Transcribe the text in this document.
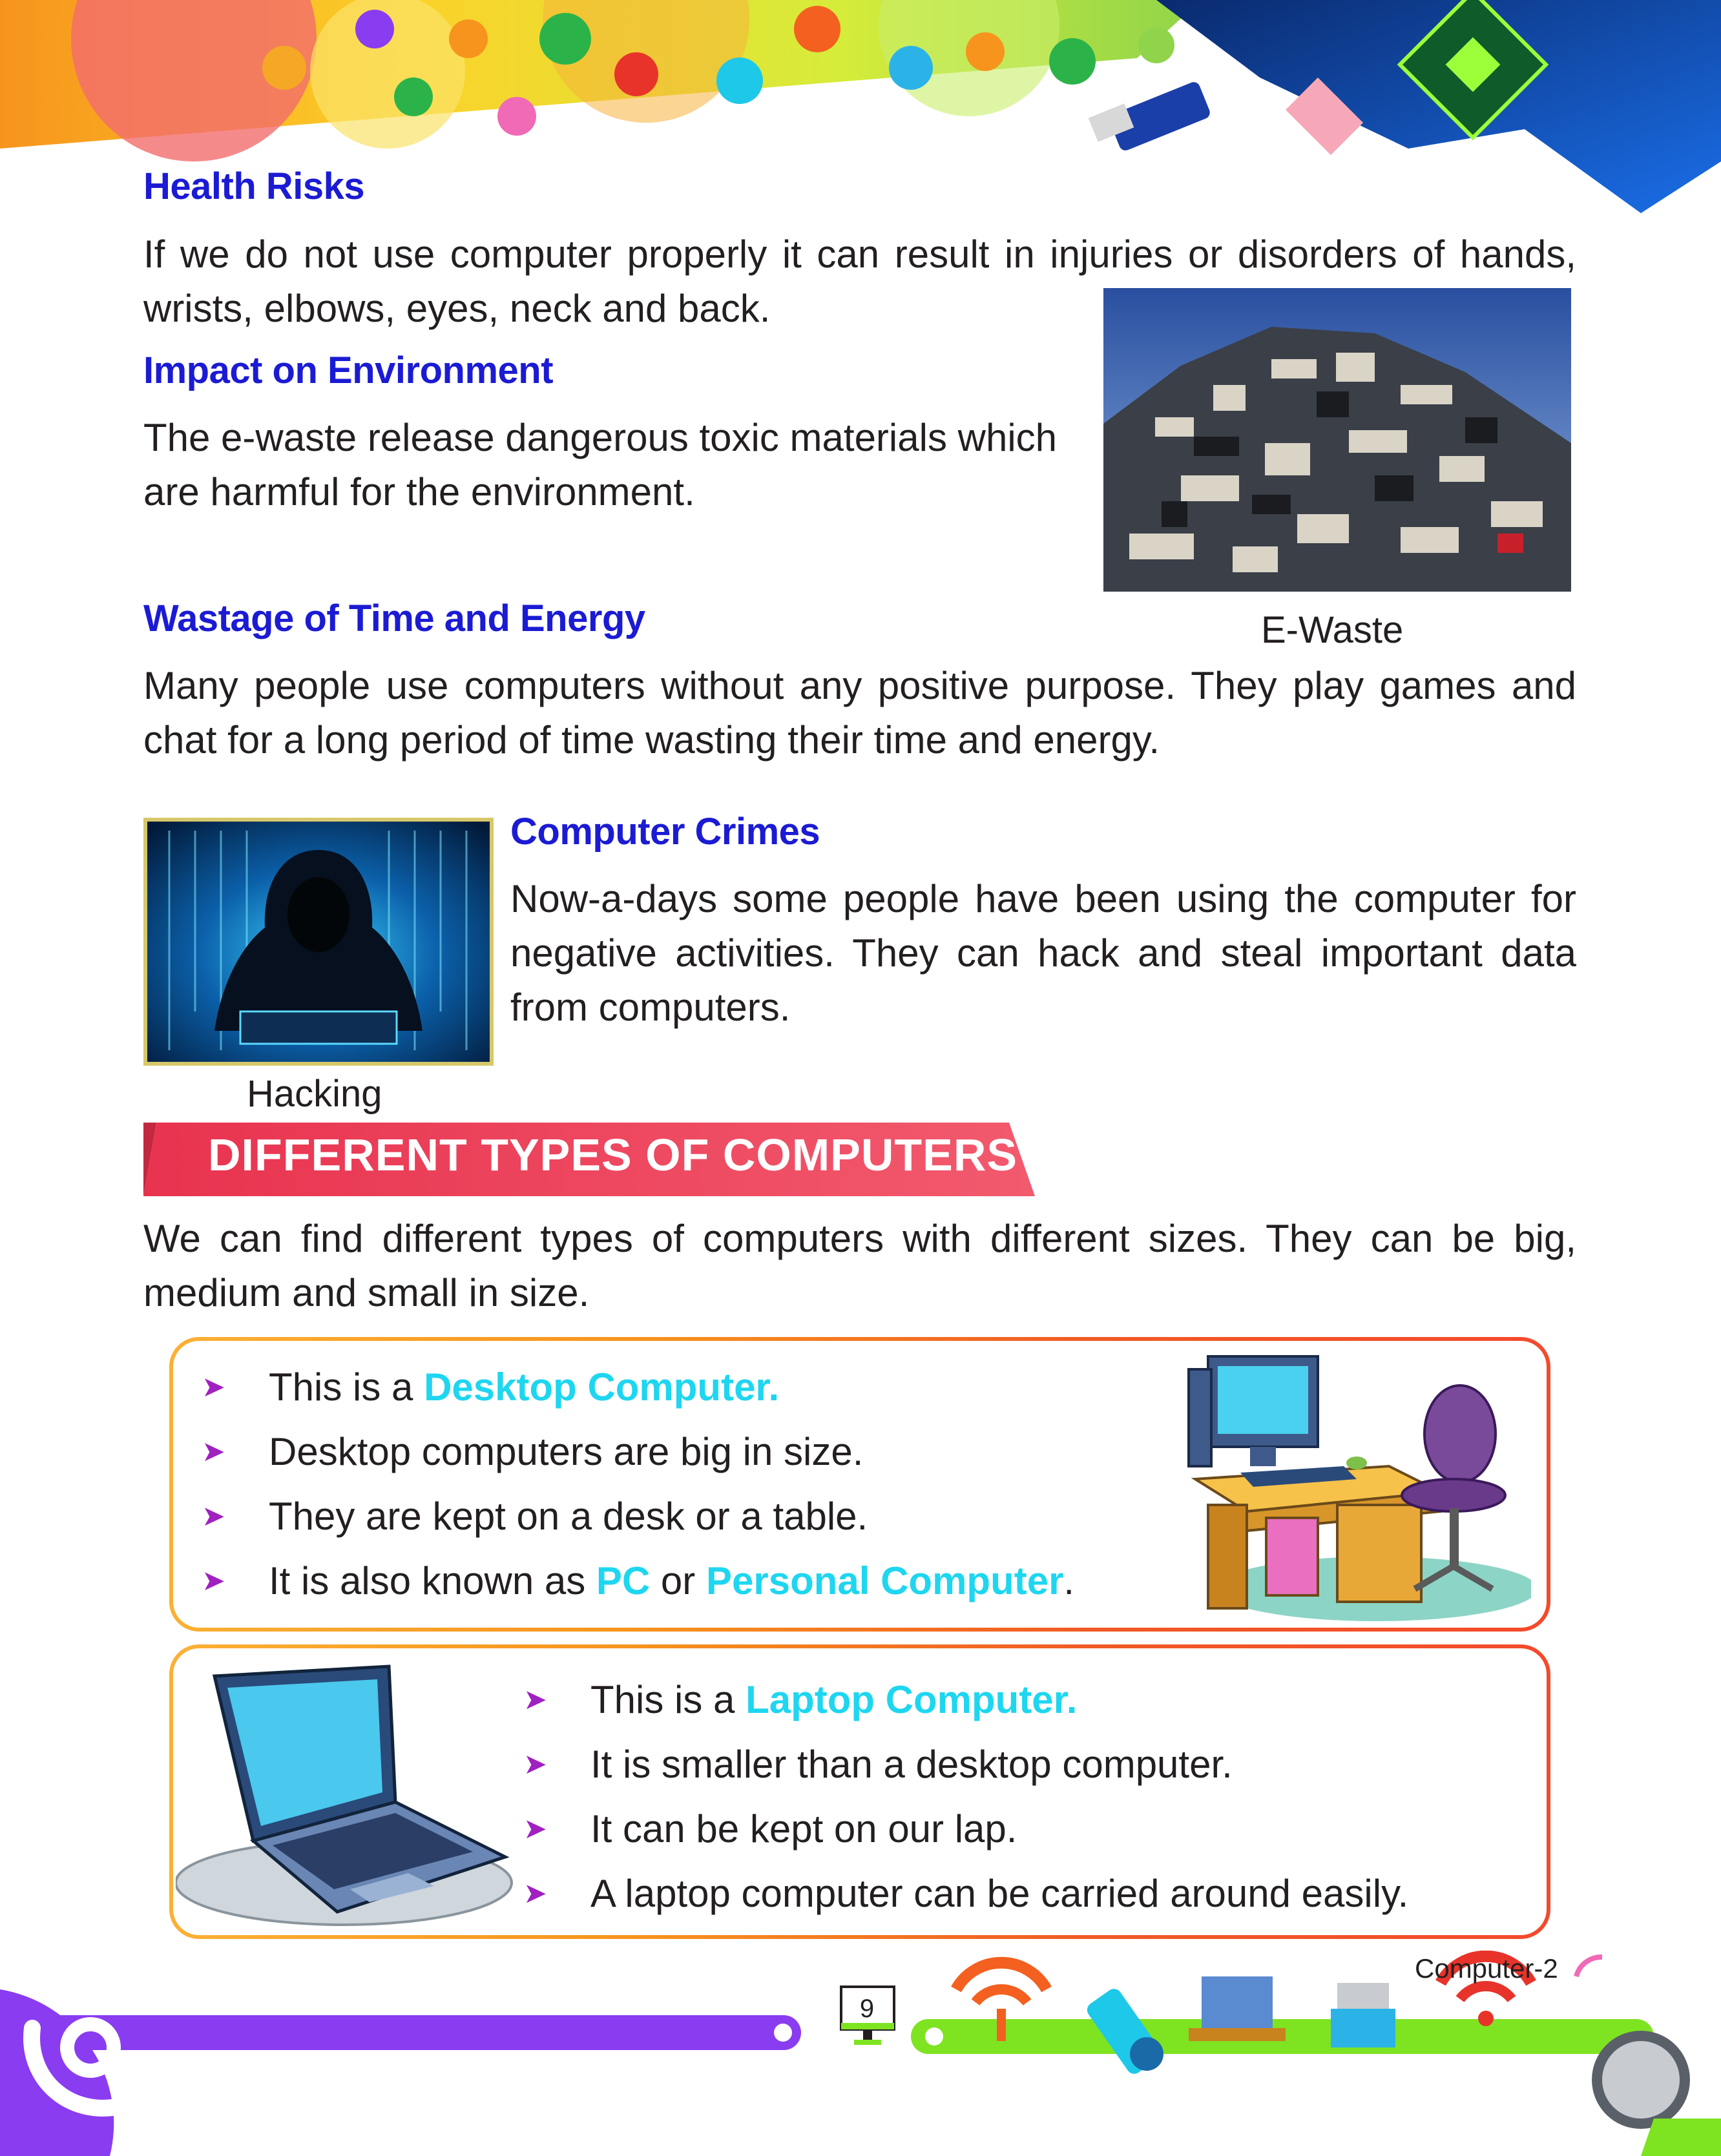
Health Risks

If we do not use computer properly it can result in injuries or disorders of hands, wrists, elbows, eyes, neck and back.

Impact on Environment

The e-waste release dangerous toxic materials which are harmful for the environment.

E-Waste
Wastage of Time and Energy

Many people use computers without any positive purpose. They play games and chat for a long period of time wasting their time and energy.

Hacking
Computer Crimes

Now-a-days some people have been using the computer for negative activities. They can hack and steal important data from computers.

DIFFERENT TYPES OF COMPUTERS

We can find different types of computers with different sizes. They can be big, medium and small in size.

➤ This is a Desktop Computer.
➤ Desktop computers are big in size.
➤ They are kept on a desk or a table.
➤ It is also known as PC or Personal Computer.
➤ This is a Laptop Computer.
➤ It is smaller than a desktop computer.
➤ It can be kept on our lap.
➤ A laptop computer can be carried around easily.
9
Computer-2
